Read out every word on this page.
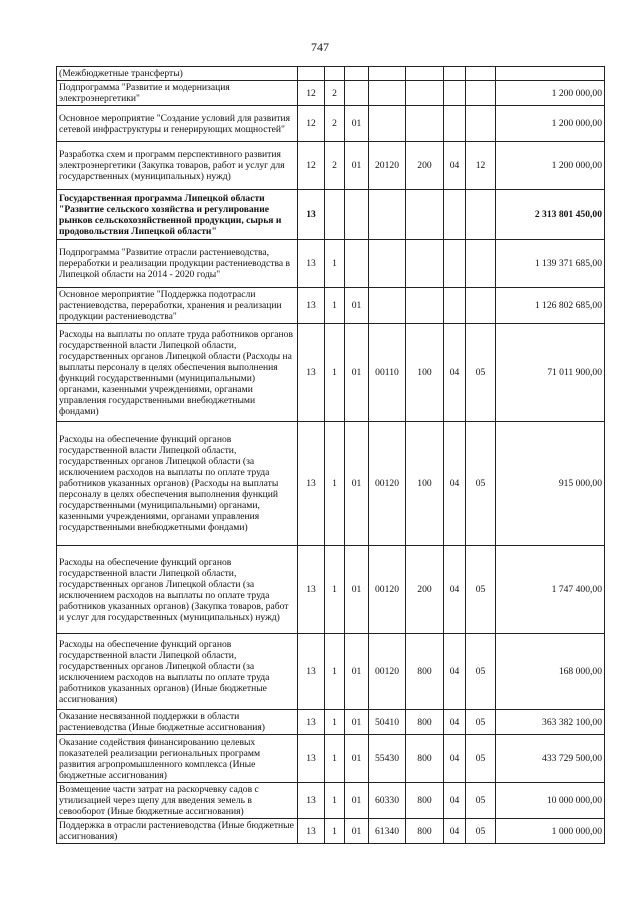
747
(Межбюджетные трансферты)								
Подпрограмма "Развитие и модернизация электроэнергетики"	12	2						1 200 000,00
Основное мероприятие "Создание условий для развития сетевой инфраструктуры и генерирующих мощностей"	12	2	01					1 200 000,00
Разработка схем и программ перспективного развития электроэнергетики (Закупка товаров, работ и услуг для государственных (муниципальных) нужд)	12	2	01	20120	200	04	12	1 200 000,00
Государственная программа Липецкой области "Развитие сельского хозяйства и регулирование рынков сельскохозяйственной продукции, сырья и продовольствия Липецкой области"	13							2 313 801 450,00
Подпрограмма "Развитие отрасли растениеводства, переработки и реализации продукции растениеводства в Липецкой области на 2014 - 2020 годы"	13	1						1 139 371 685,00
Основное мероприятие "Поддержка подотрасли растениеводства, переработки, хранения и реализации продукции растениеводства"	13	1	01					1 126 802 685,00
Расходы на выплаты по оплате труда работников органов государственной власти Липецкой области, государственных органов Липецкой области (Расходы на выплаты персоналу в целях обеспечения выполнения функций государственными (муниципальными) органами, казенными учреждениями, органами управления государственными внебюджетными фондами)	13	1	01	00110	100	04	05	71 011 900,00
Расходы на обеспечение функций органов государственной власти Липецкой области, государственных органов Липецкой области (за исключением расходов на выплаты по оплате труда работников указанных органов) (Расходы на выплаты персоналу в целях обеспечения выполнения функций государственными (муниципальными) органами, казенными учреждениями, органами управления государственными внебюджетными фондами)	13	1	01	00120	100	04	05	915 000,00
Расходы на обеспечение функций органов государственной власти Липецкой области, государственных органов Липецкой области (за исключением расходов на выплаты по оплате труда работников указанных органов) (Закупка товаров, работ и услуг для государственных (муниципальных) нужд)	13	1	01	00120	200	04	05	1 747 400,00
Расходы на обеспечение функций органов государственной власти Липецкой области, государственных органов Липецкой области (за исключением расходов на выплаты по оплате труда работников указанных органов) (Иные бюджетные ассигнования)	13	1	01	00120	800	04	05	168 000,00
Оказание несвязанной поддержки в области растениеводства (Иные бюджетные ассигнования)	13	1	01	50410	800	04	05	363 382 100,00
Оказание содействия финансированию целевых показателей реализации региональных программ развития агропромышленного комплекса (Иные бюджетные ассигнования)	13	1	01	55430	800	04	05	433 729 500,00
Возмещение части затрат на раскорчевку садов с утилизацией через щепу для введения земель в севооборот (Иные бюджетные ассигнования)	13	1	01	60330	800	04	05	10 000 000,00
Поддержка в отрасли растениеводства (Иные бюджетные ассигнования)	13	1	01	61340	800	04	05	1 000 000,00
